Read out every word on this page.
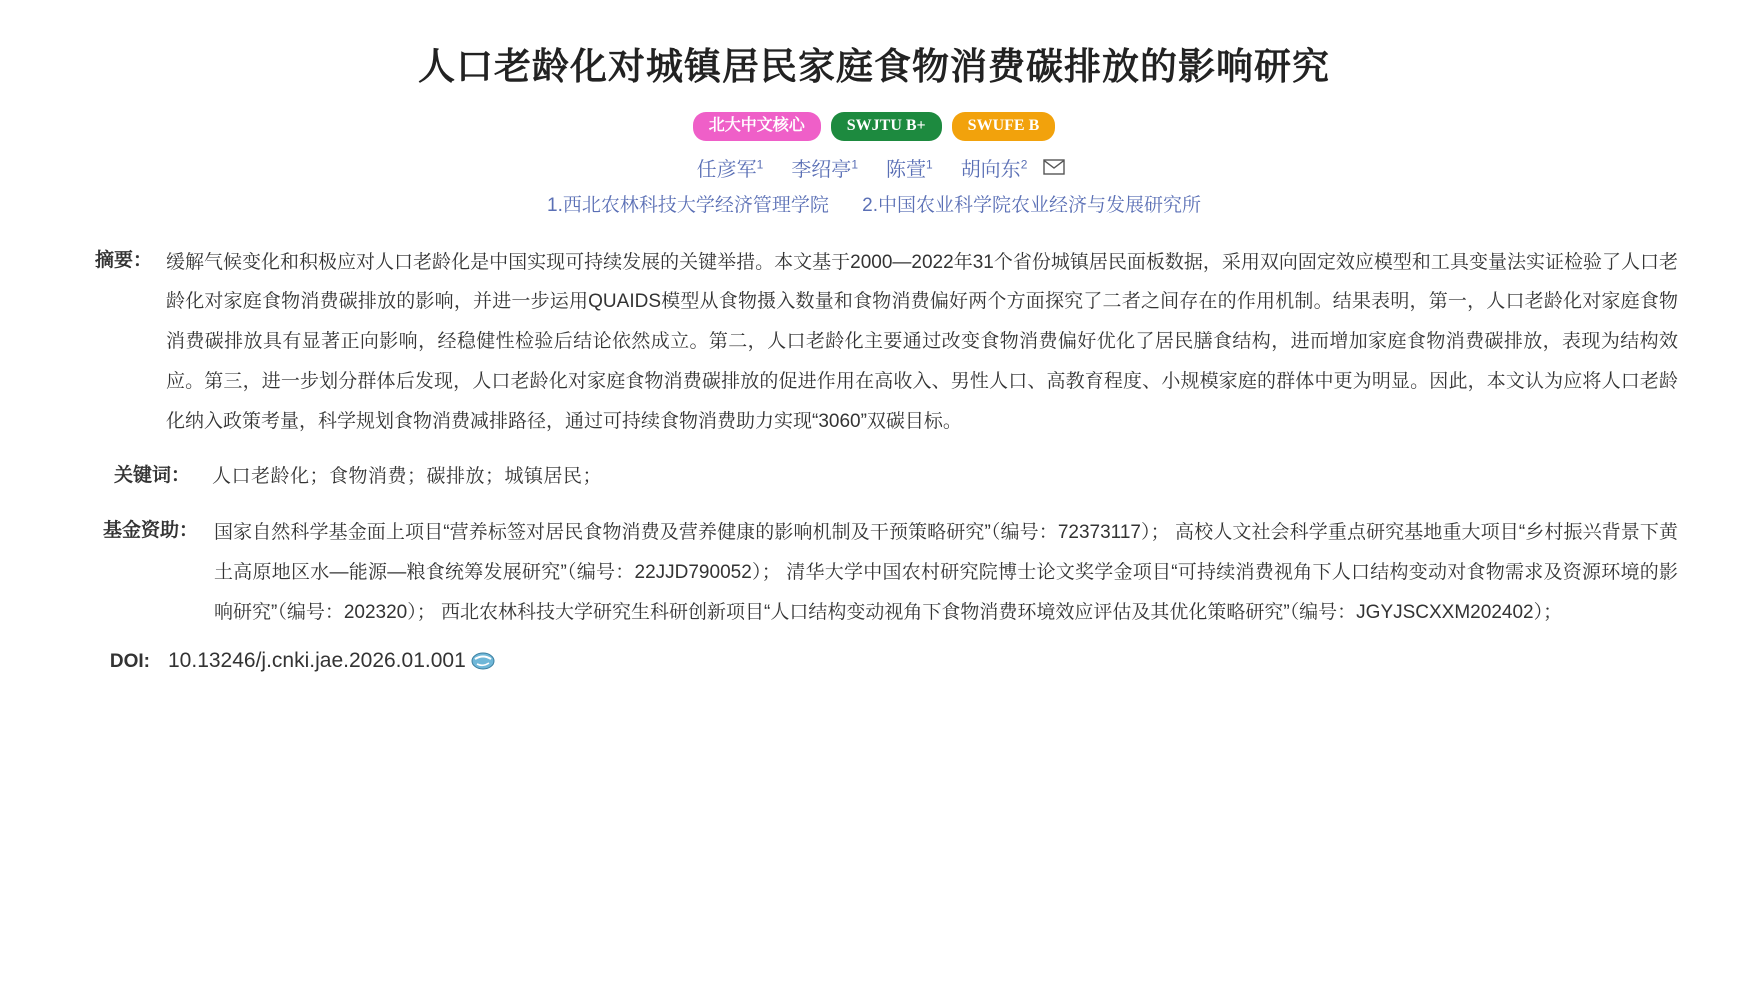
人口老龄化对城镇居民家庭食物消费碳排放的影响研究
北大中文核心	SWJTU B+	SWUFE B
任彦军$^1$ 李绍亭$^1$ 陈萱$^1$ 胡向东$^2$
1.西北农林科技大学经济管理学院 2.中国农业科学院农业经济与发展研究所
摘要： 缓解气候变化和积极应对人口老龄化是中国实现可持续发展的关键举措。本文基于2000—2022年31个省份城镇居民面板数据，采用双向固定效应模型和工具变量法实证检验了人口老龄化对家庭食物消费碳排放的影响，并进一步运用QUAIDS模型从食物摄入数量和食物消费偏好两个方面探究了二者之间存在的作用机制。结果表明，第一，人口老龄化对家庭食物消费碳排放具有显著正向影响，经稳健性检验后结论依然成立。第二，人口老龄化主要通过改变食物消费偏好优化了居民膳食结构，进而增加家庭食物消费碳排放，表现为结构效应。第三，进一步划分群体后发现，人口老龄化对家庭食物消费碳排放的促进作用在高收入、男性人口、高教育程度、小规模家庭的群体中更为明显。因此，本文认为应将人口老龄化纳入政策考量，科学规划食物消费减排路径，通过可持续食物消费助力实现“3060”双碳目标。
关键词：	人口老龄化；食物消费；碳排放；城镇居民；
基金资助： 国家自然科学基金面上项目“营养标签对居民食物消费及营养健康的影响机制及干预策略研究”（编号：72373117）； 高校人文社会科学重点研究基地重大项目“乡村振兴背景下黄土高原地区水—能源—粮食统筹发展研究”（编号：22JJD790052）； 清华大学中国农村研究院博士论文奖学金项目“可持续消费视角下人口结构变动对食物需求及资源环境的影响研究”（编号：202320）； 西北农林科技大学研究生科研创新项目“人口结构变动视角下食物消费环境效应评估及其优化策略研究”（编号：JGYJSCXXM202402）；
DOI: 10.13246/j.cnki.jae.2026.01.001
